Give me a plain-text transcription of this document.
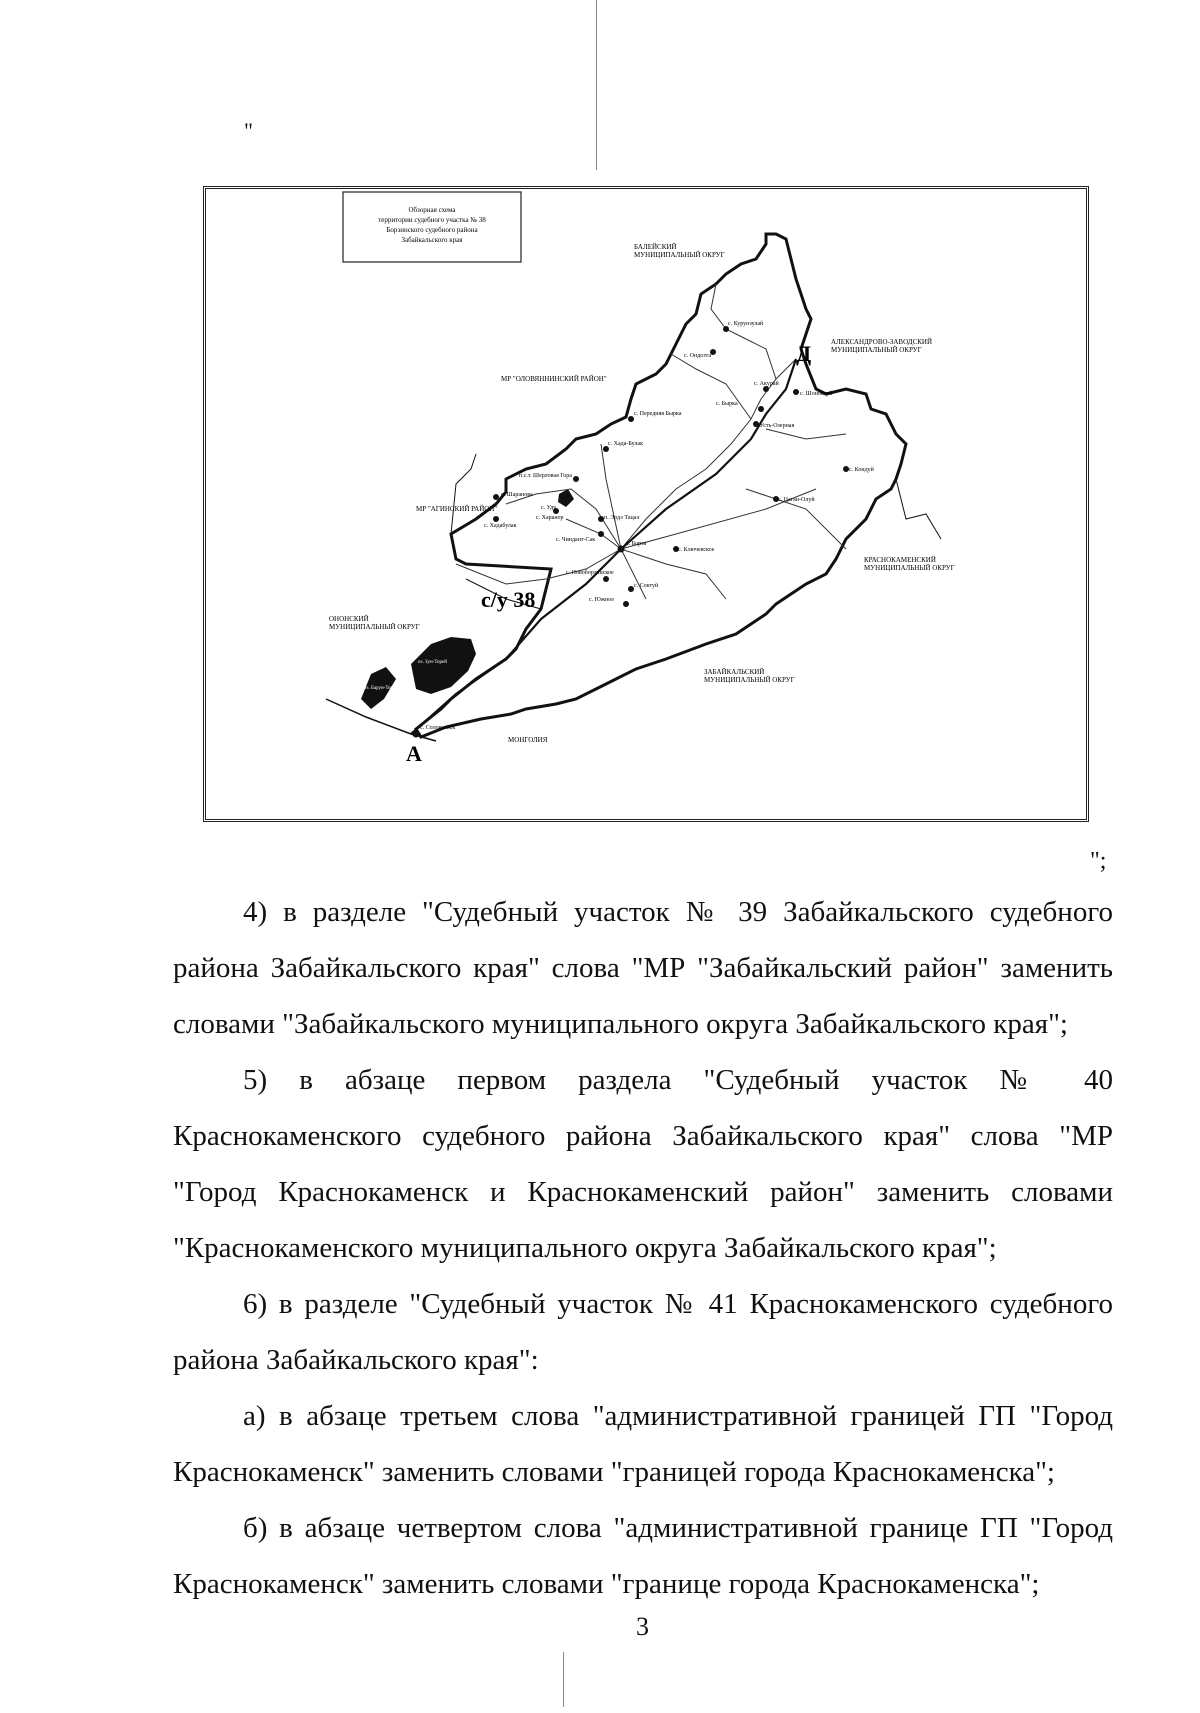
"
Обзорная схема
территории судебного участка № 38
Борзинского судебного района
Забайкальского края
БАЛЕЙСКИЙ
МУНИЦИПАЛЬНЫЙ ОКРУГ
АЛЕКСАНДРОВО-ЗАВОДСКИЙ
МУНИЦИПАЛЬНЫЙ ОКРУГ
МР "ОЛОВЯННИНСКИЙ РАЙОН"
МР "АГИНСКИЙ РАЙОН"
КРАСНОКАМЕНСКИЙ
МУНИЦИПАЛЬНЫЙ ОКРУГ
ОНОНСКИЙ
МУНИЦИПАЛЬНЫЙ ОКРУГ
ЗАБАЙКАЛЬСКИЙ
МУНИЦИПАЛЬНЫЙ ОКРУГ
МОНГОЛИЯ
с. Курунзулай
с. Ондозта
с. Акурай
с. Шоноктуй
с. Бырка
с. Усть-Озерная
с. Передняя Бырка
с. Хада-Булак
п.с.т. Шерловая Гора
с. Кондуй
с. Цаган-Олуй
с. Шаранова
с. Хадабулак
с. Уду
с. Харанор	п. Эрдэ Тацал
с. Чиндант-Сак
с. Борзя
с. Новоборзинское
с. Ключевское
с. Соктуй
с. Южное
оз. Зун-Торей
оз. Барун-Торей
с. Соловьевск
с/у 38
А
Д
";

4) в разделе "Судебный участок № 39 Забайкальского судебного района Забайкальского края" слова "МР "Забайкальский район" заменить словами "Забайкальского муниципального округа Забайкальского края";

5) в абзаце первом раздела "Судебный участок № 40 Краснокаменского судебного района Забайкальского края" слова "МР "Город Краснокаменск и Краснокаменский район" заменить словами "Краснокаменского муниципального округа Забайкальского края";

6) в разделе "Судебный участок № 41 Краснокаменского судебного района Забайкальского края":

а) в абзаце третьем слова "административной границей ГП "Город Краснокаменск" заменить словами "границей города Краснокаменска";

б) в абзаце четвертом слова "административной границе ГП "Город Краснокаменск" заменить словами "границе города Краснокаменска";

3
